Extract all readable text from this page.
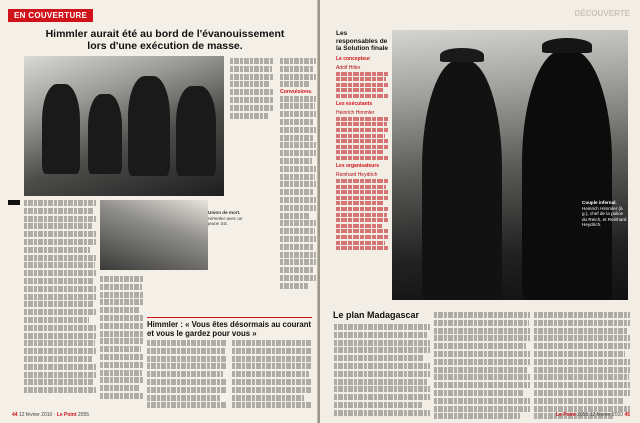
EN COUVERTURE
Himmler aurait été au bord de l'évanouissement
lors d'une exécution de masse.
Union de mort. Himmler avec un jeune SS.
Convulsions.
Himmler : « Vous êtes désormais au courant et vous le gardez pour vous »
44 12 février 2010 · Le Point 2055
DÉCOUVERTE
Les responsables de la Solution finale
Le concepteur
Adolf Hitler
Les exécutants
Heinrich Himmler
Les organisateurs
Reinhard Heydrich
Couple infernal. Heinrich Himmler (à g.), chef de la police du Reich, et Reinhard Heydrich.
Le plan Madagascar
Le Point 2055 12 février 2010 45
